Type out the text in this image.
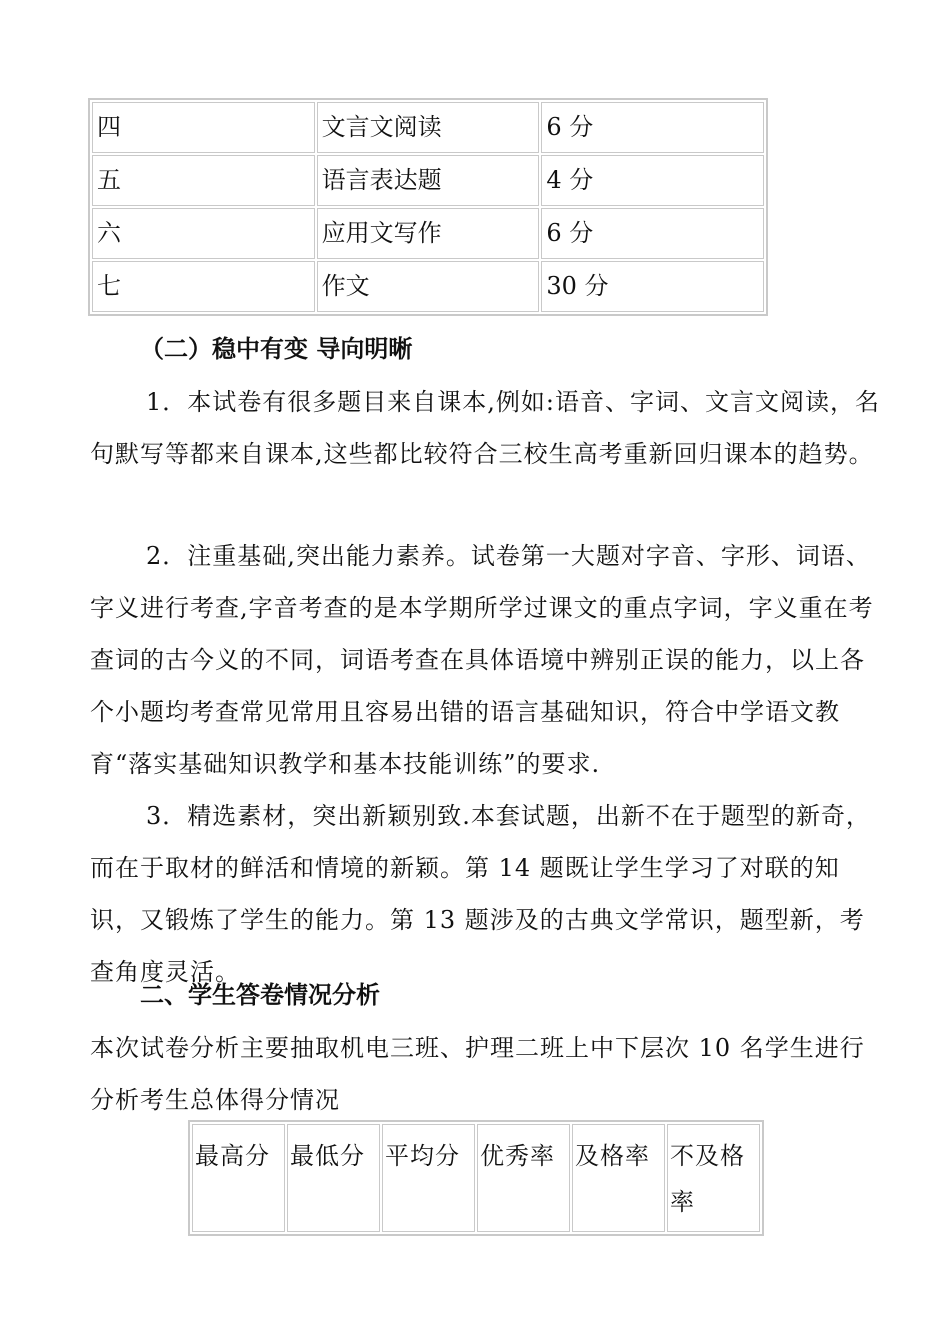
四	文言文阅读	6 分
五	语言表达题	4 分
六	应用文写作	6 分
七	作文	30 分
（二）稳中有变 导向明晰
1．本试卷有很多题目来自课本,例如:语音、字词、文言文阅读，名句默写等都来自课本,这些都比较符合三校生高考重新回归课本的趋势。
2．注重基础,突出能力素养。试卷第一大题对字音、字形、词语、字义进行考查,字音考查的是本学期所学过课文的重点字词，字义重在考查词的古今义的不同，词语考查在具体语境中辨别正误的能力，以上各个小题均考查常见常用且容易出错的语言基础知识，符合中学语文教育“落实基础知识教学和基本技能训练”的要求.
3．精选素材，突出新颖别致.本套试题，出新不在于题型的新奇，而在于取材的鲜活和情境的新颖。第 14 题既让学生学习了对联的知识，又锻炼了学生的能力。第 13 题涉及的古典文学常识，题型新，考查角度灵活。
二、学生答卷情况分析
本次试卷分析主要抽取机电三班、护理二班上中下层次 10 名学生进行分析考生总体得分情况
最高分	最低分	平均分	优秀率	及格率	不及格率
